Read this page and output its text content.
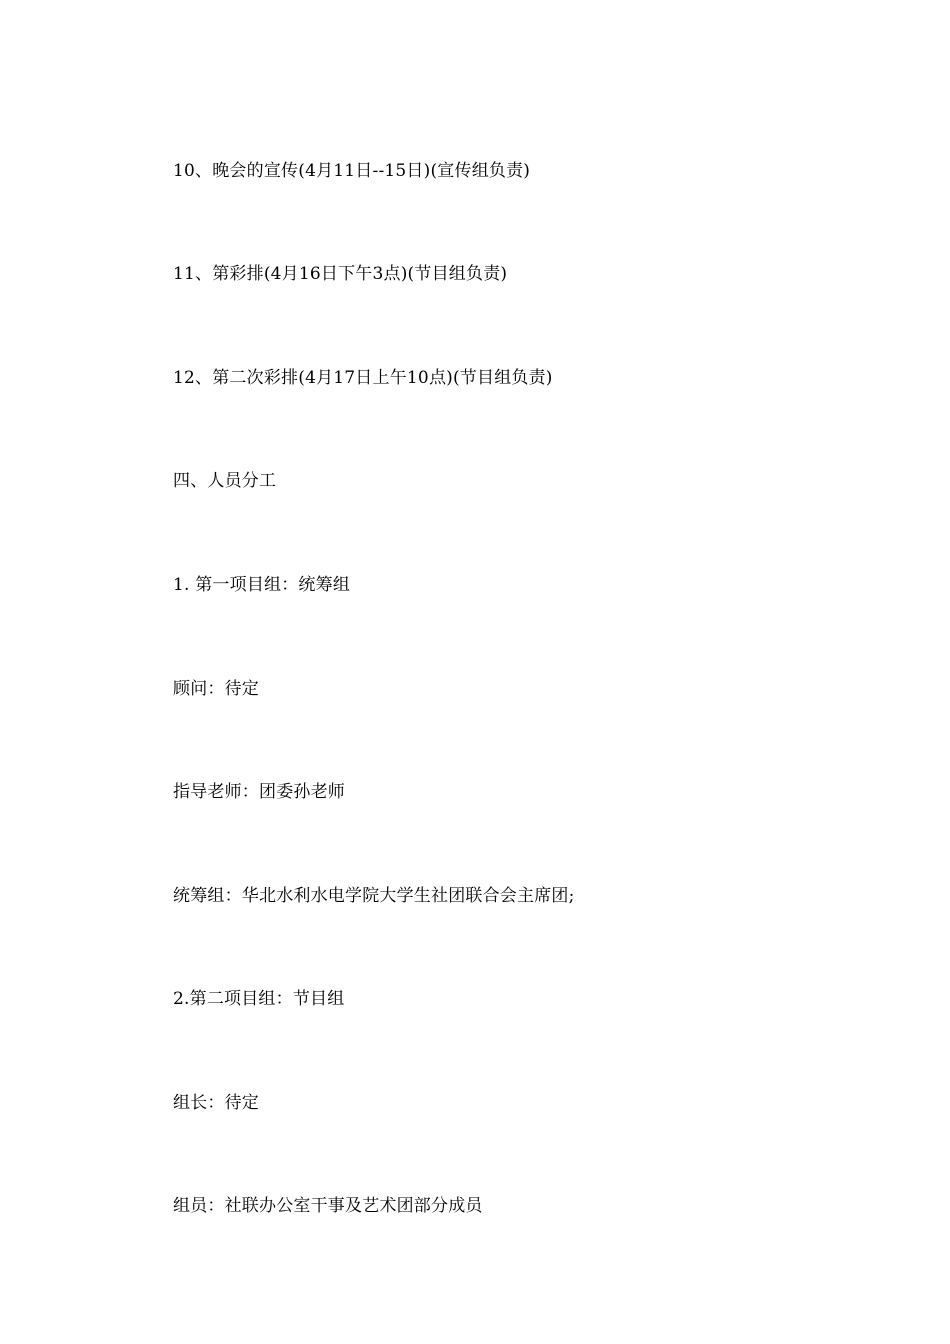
10、晚会的宣传(4月11日--15日)(宣传组负责)
11、第彩排(4月16日下午3点)(节目组负责)
12、第二次彩排(4月17日上午10点)(节目组负责)
四、人员分工
1. 第一项目组：统筹组
顾问：待定
指导老师：团委孙老师
统筹组：华北水利水电学院大学生社团联合会主席团;
2.第二项目组：节目组
组长：待定
组员：社联办公室干事及艺术团部分成员
